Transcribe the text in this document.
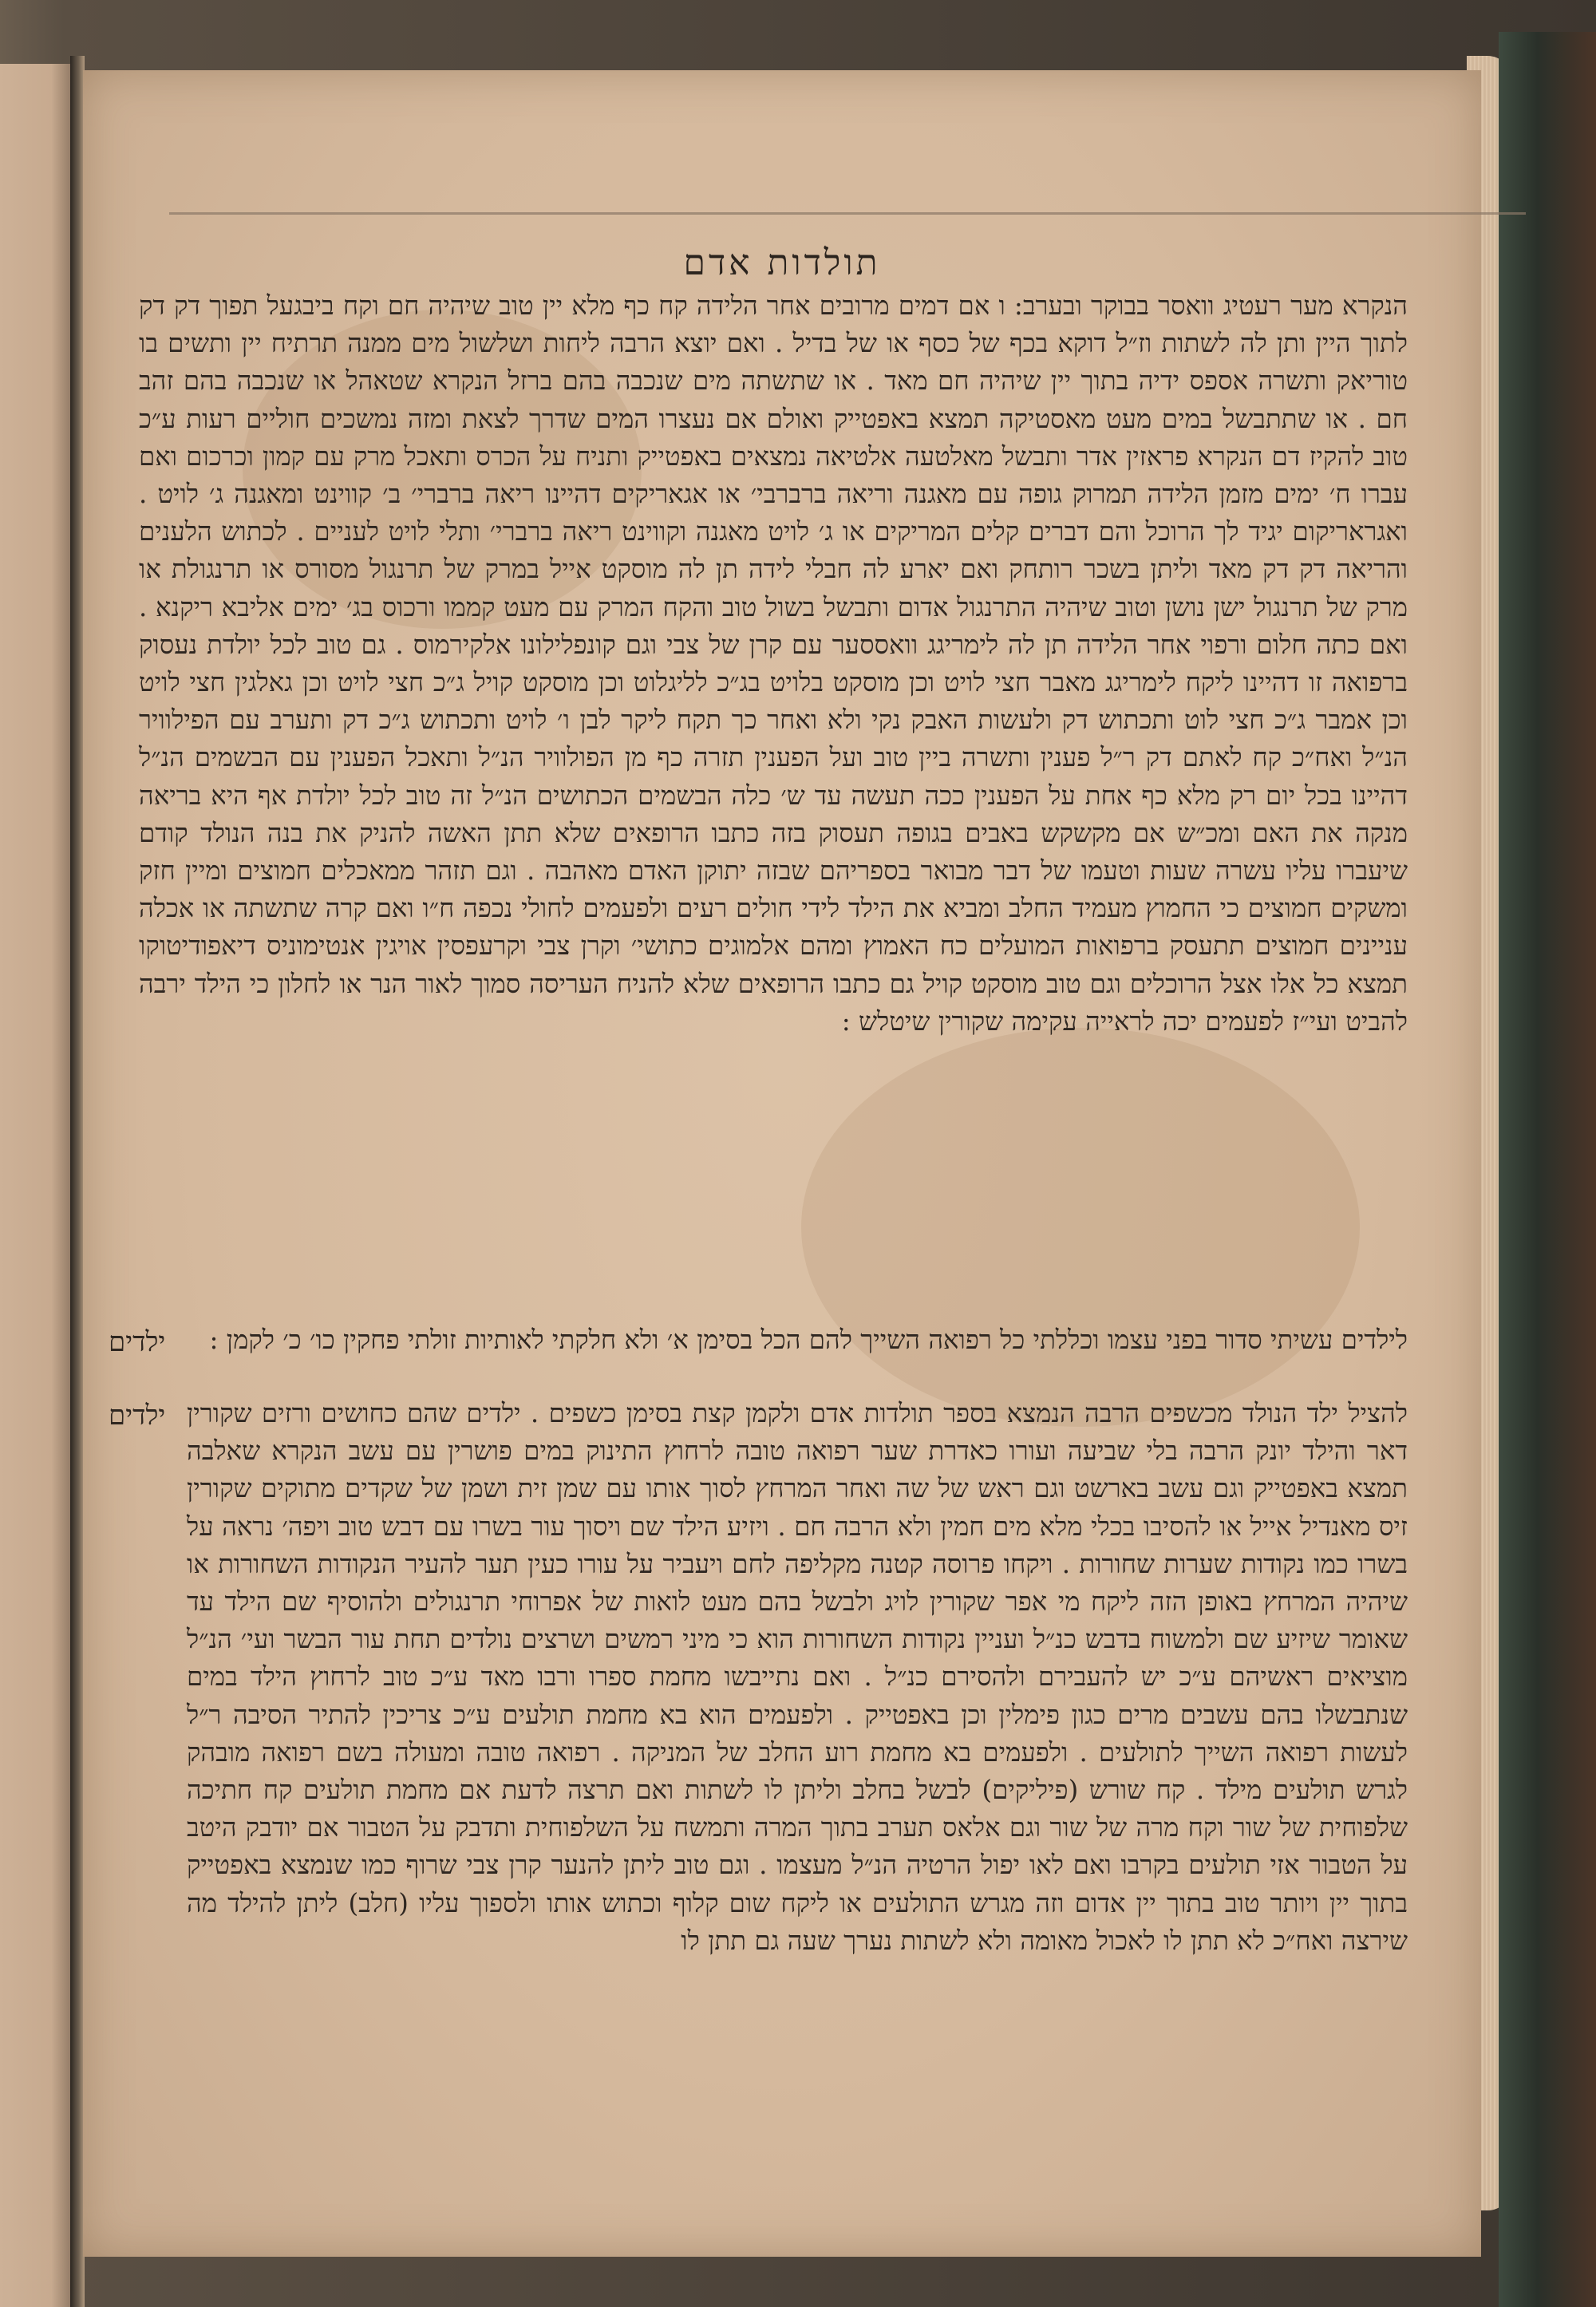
תולדות אדם

הנקרא מער רעטיג וואסר בבוקר ובערב: ו אם דמים מרובים אחר הלידה קח כף מלא יין טוב שיהיה חם וקח ביבגעל תפוך דק דק לתוך היין ותן לה לשתות וז״ל דוקא בכף של כסף או של בדיל . ואם יוצא הרבה ליחות ושלשול מים ממנה תרתיח יין ותשים בו טוריאק ותשרה אספס ידיה בתוך יין שיהיה חם מאד . או שתשתה מים שנכבה בהם ברזל הנקרא שטאהל או שנכבה בהם זהב חם . או שתתבשל במים מעט מאסטיקה תמצא באפטייק ואולם אם נעצרו המים שדרך לצאת ומזה נמשכים חוליים רעות ע״כ טוב להקיז דם הנקרא פראזין אדר ותבשל מאלטעה אלטיאה נמצאים באפטייק ותניח על הכרס ותאכל מרק עם קמון וכרכום ואם עברו ח׳ ימים מזמן הלידה תמרוק גופה עם מאגנה וריאה ברברבי׳ או אגאריקים דהיינו ריאה ברברי׳ ב׳ קווינט ומאגנה ג׳ לויט . ואגראריקום יגיד לך הרוכל והם דברים קלים המריקים או ג׳ לויט מאגנה וקווינט ריאה ברברי׳ ותלי לויט לעניים . לכתוש הלענים והריאה דק דק מאד וליתן בשכר רותחק ואם יארע לה חבלי לידה תן לה מוסקט אייל במרק של תרנגול מסורס או תרנגולת או מרק של תרנגול ישן נושן וטוב שיהיה התרנגול אדום ותבשל בשול טוב והקח המרק עם מעט קממו ורכוס בג׳ ימים אליבא ריקנא . ואם כתה חלום ורפוי אחר הלידה תן לה לימריגג וואססער עם קרן של צבי וגם קונפלילונו אלקירמוס . גם טוב לכל יולדת נעסוק ברפואה זו דהיינו ליקח לימריגג מאבר חצי לויט וכן מוסקט בלויט בג״כ לליגלוט וכן מוסקט קויל ג״כ חצי לויט וכן גאלגין חצי לויט וכן אמבר ג״כ חצי לוט ותכתוש דק ולעשות האבק נקי ולא ואחר כך תקח ליקר לבן ו׳ לויט ותכתוש ג״כ דק ותערב עם הפילוויר הנ״ל ואח״כ קח לאתם דק ר״ל פענין ותשרה ביין טוב ועל הפענין תזרה כף מן הפולוויר הנ״ל ותאכל הפענין עם הבשמים הנ״ל דהיינו בכל יום רק מלא כף אחת על הפענין ככה תעשה עד ש׳ כלה הבשמים הכתושים הנ״ל זה טוב לכל יולדת אף היא בריאה מנקה את האם ומכ״ש אם מקשקש באבים בגופה תעסוק בזה כתבו הרופאים שלא תתן האשה להניק את בנה הנולד קודם שיעברו עליו עשרה שעות וטעמו של דבר מבואר בספריהם שבזה יתוקן האדם מאהבה . וגם תזהר ממאכלים חמוצים ומיין חזק ומשקים חמוצים כי החמוץ מעמיד החלב ומביא את הילד לידי חולים רעים ולפעמים לחולי נכפה ח״ו ואם קרה שתשתה או אכלה עניינים חמוצים תתעסק ברפואות המועלים כח האמוץ ומהם אלמוגים כתושי׳ וקרן צבי וקרעפסין אויגין אנטימוניס דיאפודיטוקו תמצא כל אלו אצל הרוכלים וגם טוב מוסקט קויל גם כתבו הרופאים שלא להניח העריסה סמוך לאור הנר או לחלון כי הילד ירבה להביט ועי״ז לפעמים יכה לראייה עקימה שקורין שיטלש :

ילדים	לילדים עשיתי סדור בפני עצמו וכללתי כל רפואה השייך להם הכל בסימן א׳ ולא חלקתי לאותיות זולתי פחקין כו׳ כ׳ לקמן :

ילדים להציל ילד הנולד מכשפים הרבה הנמצא בספר תולדות אדם ולקמן קצת בסימן כשפים . ילדים שהם כחושים ורזים שקורין דאר והילד יונק הרבה בלי שביעה ועורו כאדרת שער רפואה טובה לרחוץ התינוק במים פושרין עם עשב הנקרא שאלבה תמצא באפטייק וגם עשב בארשט וגם ראש של שה ואחר המרחץ לסוך אותו עם שמן זית ושמן של שקדים מתוקים שקורין זיס מאנדיל אייל או להסיבו בכלי מלא מים חמין ולא הרבה חם . ויזיע הילד שם ויסוך עור בשרו עם דבש טוב ויפה׳ נראה על בשרו כמו נקודות שערות שחורות . ויקחו פרוסה קטנה מקליפה לחם ויעביר על עורו כעין תער להעיר הנקודות השחורות או שיהיה המרחץ באופן הזה ליקח מי אפר שקורין לויג ולבשל בהם מעט לואות של אפרוחי תרנגולים ולהוסיף שם הילד עד שאומר שיזיע שם ולמשוח בדבש כנ״ל ועניין נקודות השחורות הוא כי מיני רמשים ושרצים נולדים תחת עור הבשר ועי׳ הנ״ל מוציאים ראשיהם ע״כ יש להעבירם ולהסירם כנ״ל . ואם נתייבשו מחמת ספרו ורבו מאד ע״כ טוב לרחוץ הילד במים שנתבשלו בהם עשבים מרים כגון פימלין וכן באפטייק . ולפעמים הוא בא מחמת תולעים ע״כ צריכין להתיר הסיבה ר״ל לעשות רפואה השייך לתולעים . ולפעמים בא מחמת רוע החלב של המניקה . רפואה טובה ומעולה בשם רפואה מובהק לגרש תולעים מילד . קח שורש (פיליקים) לבשל בחלב וליתן לו לשתות ואם תרצה לדעת אם מחמת תולעים קח חתיכה שלפוחית של שור וקח מרה של שור וגם אלאס תערב בתוך המרה ותמשח על השלפוחית ותדבק על הטבור אם יודבק היטב על הטבור אזי תולעים בקרבו ואם לאו יפול הרטיה הנ״ל מעצמו . וגם טוב ליתן להנער קרן צבי שרוף כמו שנמצא באפטייק בתוך יין ויותר טוב בתוך יין אדום וזה מגרש התולעים או ליקח שום קלוף וכתוש אותו ולספוך עליו (חלב) ליתן להילד מה שירצה ואח״כ לא תתן לו לאכול מאומה ולא לשתות נערך שעה גם תתן לו
